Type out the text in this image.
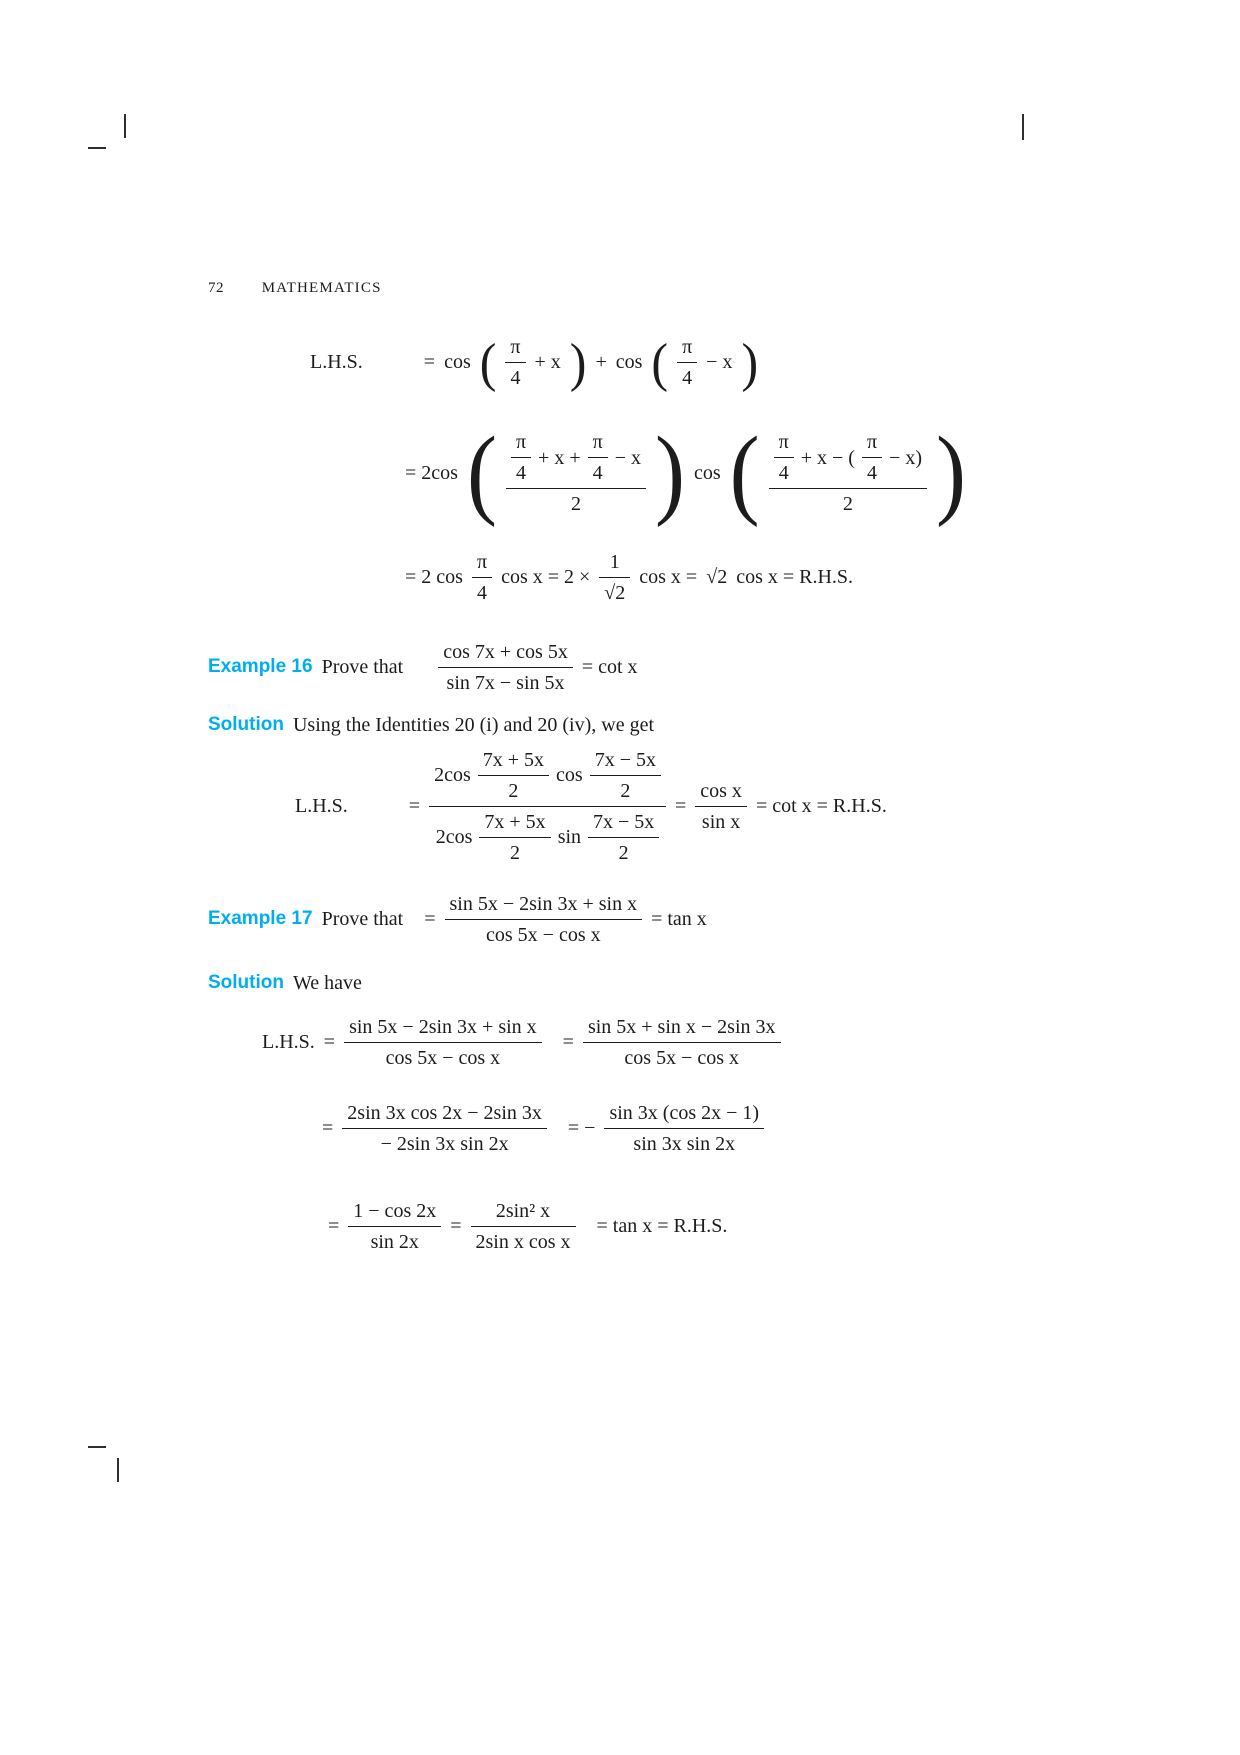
72	MATHEMATICS
L.H.S.	= cos ( $\frac{\pi}{4} + x$ ) + cos ( $\frac{\pi}{4} - x$ )
= 2cos ( $\frac{\pi}{4} + x + \frac{\pi}{4} - x$
2 ) cos ( $\frac{\pi}{4} + x$ − ( $\frac{\pi}{4} - x$)
2 )
= 2 $\cos \frac{\pi}{4}$ $\cos x = 2 \times \frac{1}{√2}$ cos x = √2 cos x = R.H.S.
Example 16 Prove that $\frac{\cos 7x + \cos 5x}{\sin 7x - \sin 5x} = \cot x$
Solution Using the Identities 20 (i) and 20 (iv), we get
L.H.S.	=
$2\cos \frac{7x + 5x}{2}$ $\cos \frac{7x - 5x}{2}$
$2\cos \frac{7x + 5x}{2}$ $\sin \frac{7x - 5x}{2}$
= $\frac{\text{cos x}}{\text{sin x}} = \cot x = R.H.S$.
Example 17 Prove that = $\frac{\text{sin 5x − 2sin 3x + sin x}}{\text{cos 5x − cos x}} = \tan x$
Solution We have
L.H.S. = $\frac{\text{sin 5x − 2sin 3x + sin x}}{\text{cos 5x − cos x}} = \frac{\text{sin 5x + sin x − 2sin 3x}}{\text{cos 5x − cos x}}$
= $\frac{\text{2sin 3x cos 2x − 2sin 3x}}{\text{− 2sin 3x sin 2x}}$ = − $\frac{\sin 3x (\cos 2x - 1)}{\text{sin 3x sin 2x}}$
= $\frac{1 - \cos 2x}{\sin 2x} = \frac{\text{2sin² x}}{\text{2sin x cos x}} = \tan x = R.H.S$.
